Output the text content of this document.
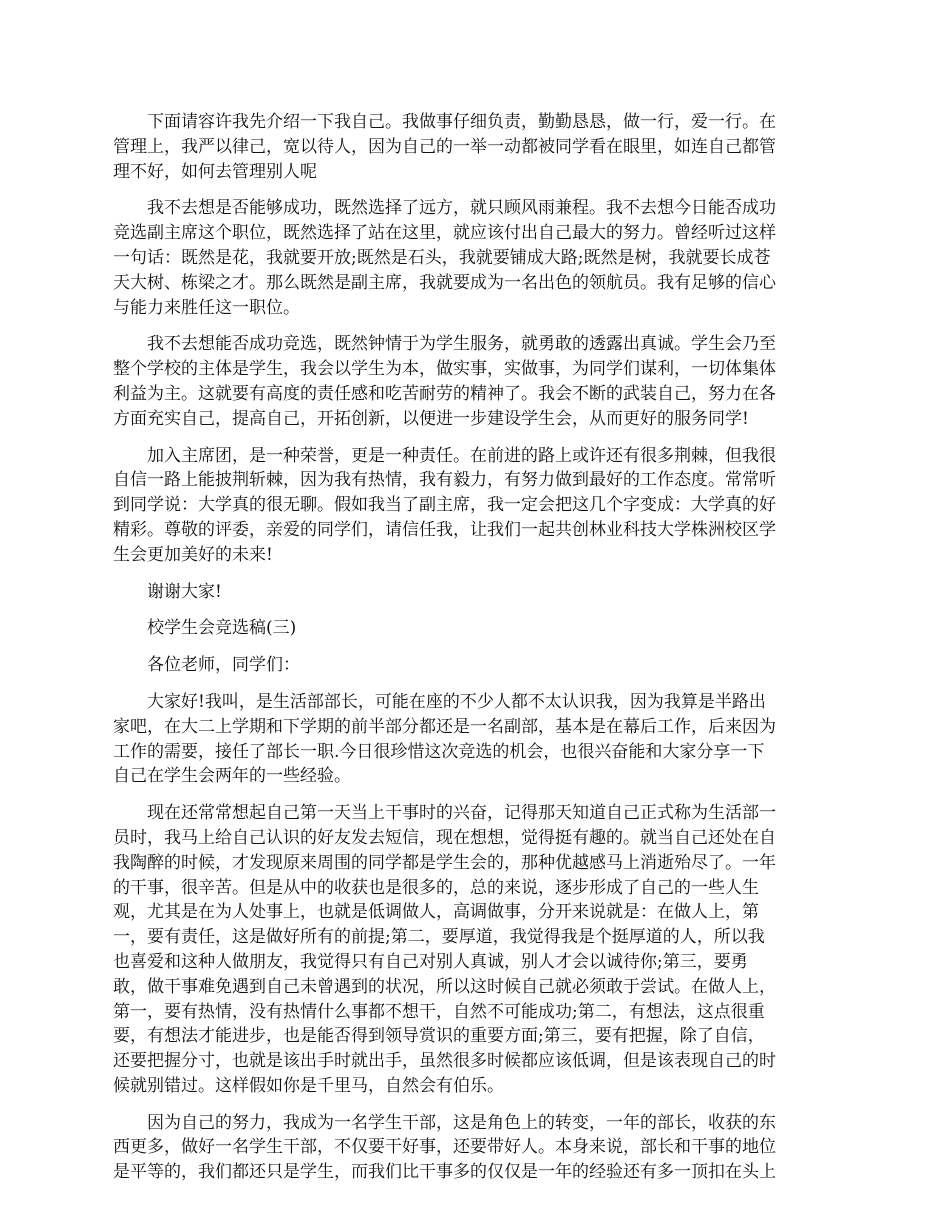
下面请容许我先介绍一下我自己。我做事仔细负责，勤勤恳恳，做一行，爱一行。在
管理上，我严以律己，宽以待人，因为自己的一举一动都被同学看在眼里，如连自己都管
理不好，如何去管理别人呢

我不去想是否能够成功，既然选择了远方，就只顾风雨兼程。我不去想今日能否成功
竞选副主席这个职位，既然选择了站在这里，就应该付出自己最大的努力。曾经听过这样
一句话：既然是花，我就要开放;既然是石头，我就要铺成大路;既然是树，我就要长成苍
天大树、栋梁之才。那么既然是副主席，我就要成为一名出色的领航员。我有足够的信心
与能力来胜任这一职位。

我不去想能否成功竞选，既然钟情于为学生服务，就勇敢的透露出真诚。学生会乃至
整个学校的主体是学生，我会以学生为本，做实事，实做事，为同学们谋利，一切体集体
利益为主。这就要有高度的责任感和吃苦耐劳的精神了。我会不断的武装自己，努力在各
方面充实自己，提高自己，开拓创新，以便进一步建设学生会，从而更好的服务同学!

加入主席团，是一种荣誉，更是一种责任。在前进的路上或许还有很多荆棘，但我很
自信一路上能披荆斩棘，因为我有热情，我有毅力，有努力做到最好的工作态度。常常听
到同学说：大学真的很无聊。假如我当了副主席，我一定会把这几个字变成：大学真的好
精彩。尊敬的评委，亲爱的同学们，请信任我，让我们一起共创林业科技大学株洲校区学
生会更加美好的未来!

谢谢大家!

校学生会竞选稿(三)

各位老师，同学们：

大家好!我叫，是生活部部长，可能在座的不少人都不太认识我，因为我算是半路出
家吧，在大二上学期和下学期的前半部分都还是一名副部，基本是在幕后工作，后来因为
工作的需要，接任了部长一职.今日很珍惜这次竞选的机会，也很兴奋能和大家分享一下
自己在学生会两年的一些经验。

现在还常常想起自己第一天当上干事时的兴奋，记得那天知道自己正式称为生活部一
员时，我马上给自己认识的好友发去短信，现在想想，觉得挺有趣的。就当自己还处在自
我陶醉的时候，才发现原来周围的同学都是学生会的，那种优越感马上消逝殆尽了。一年
的干事，很辛苦。但是从中的收获也是很多的，总的来说，逐步形成了自己的一些人生
观，尤其是在为人处事上，也就是低调做人，高调做事，分开来说就是：在做人上，第
一，要有责任，这是做好所有的前提;第二，要厚道，我觉得我是个挺厚道的人，所以我
也喜爱和这种人做朋友，我觉得只有自己对别人真诚，别人才会以诚待你;第三，要勇
敢，做干事难免遇到自己未曾遇到的状况，所以这时候自己就必须敢于尝试。在做人上，
第一，要有热情，没有热情什么事都不想干，自然不可能成功;第二，有想法，这点很重
要，有想法才能进步，也是能否得到领导赏识的重要方面;第三，要有把握，除了自信，
还要把握分寸，也就是该出手时就出手，虽然很多时候都应该低调，但是该表现自己的时
候就别错过。这样假如你是千里马，自然会有伯乐。

因为自己的努力，我成为一名学生干部，这是角色上的转变，一年的部长，收获的东
西更多，做好一名学生干部，不仅要干好事，还要带好人。本身来说，部长和干事的地位
是平等的，我们都还只是学生，而我们比干事多的仅仅是一年的经验还有多一顶扣在头上
